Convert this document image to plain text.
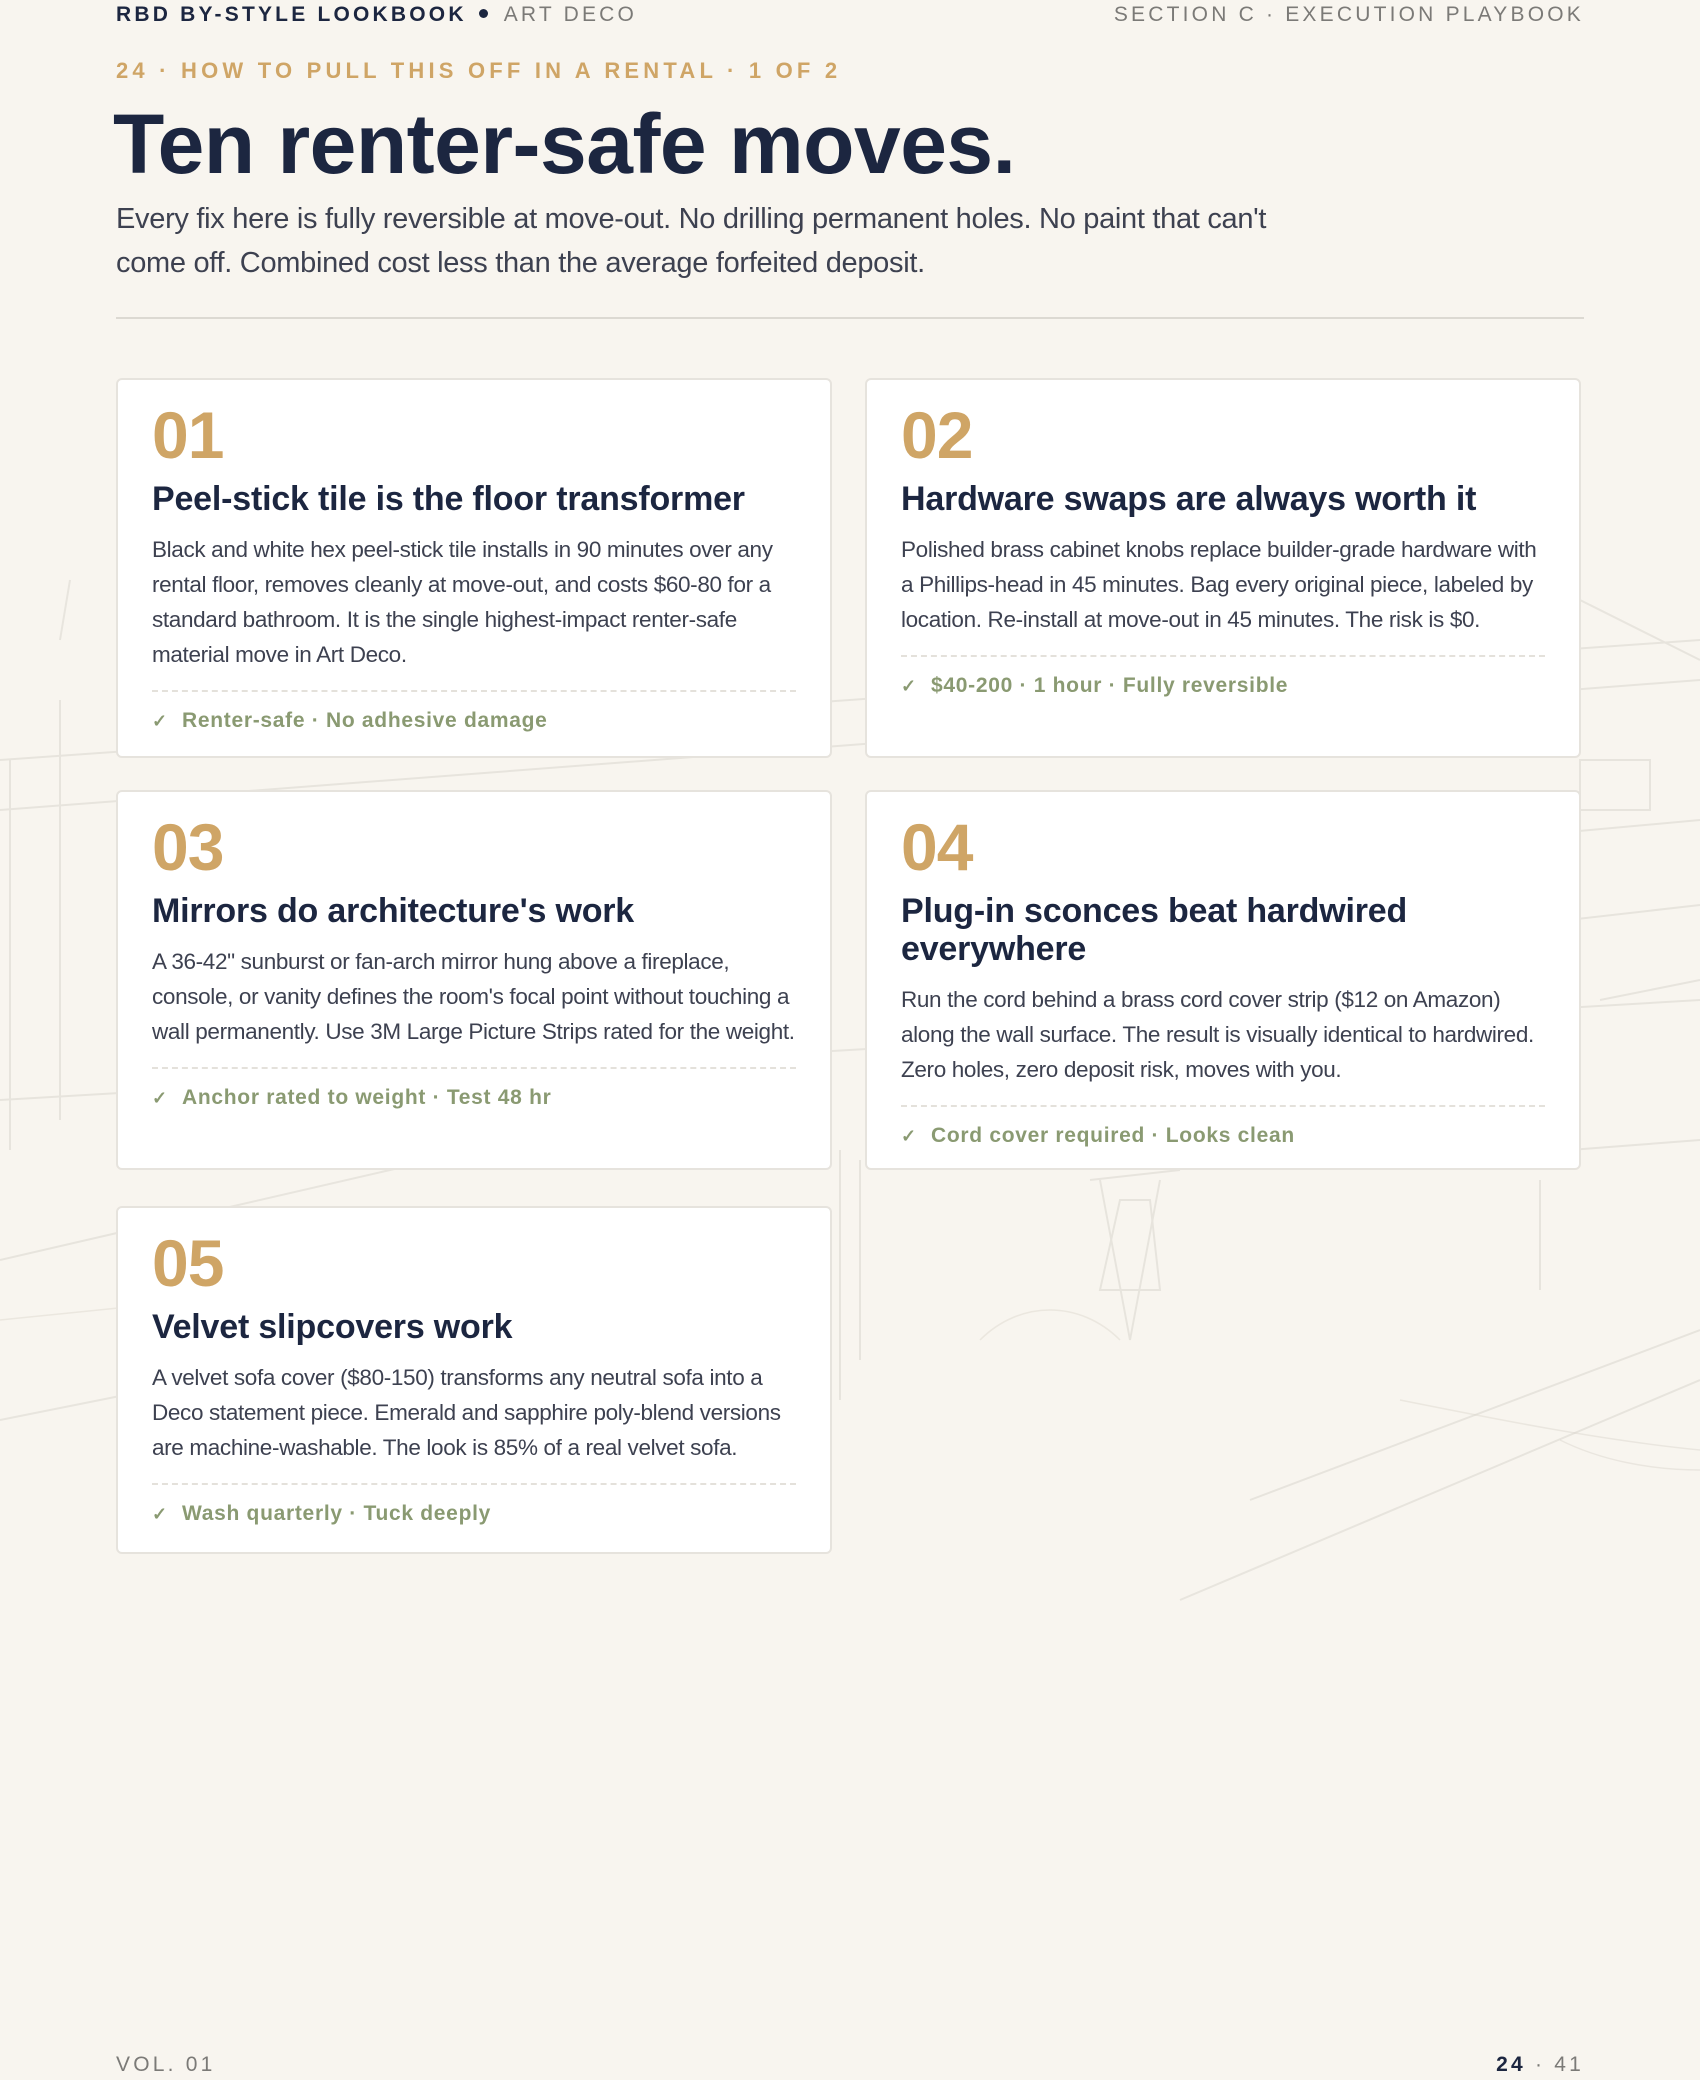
RBD BY-STYLE LOOKBOOK ART DECO	SECTION C · EXECUTION PLAYBOOK
24 · HOW TO PULL THIS OFF IN A RENTAL · 1 OF 2
Ten renter-safe moves.

Every fix here is fully reversible at move-out. No drilling permanent holes. No paint that can't come off. Combined cost less than the average forfeited deposit.

01
Peel-stick tile is the floor transformer

Black and white hex peel-stick tile installs in 90 minutes over any rental floor, removes cleanly at move-out, and costs $60-80 for a standard bathroom. It is the single highest-impact renter-safe material move in Art Deco.

✓ Renter-safe · No adhesive damage
02
Hardware swaps are always worth it

Polished brass cabinet knobs replace builder-grade hardware with a Phillips-head in 45 minutes. Bag every original piece, labeled by location. Re-install at move-out in 45 minutes. The risk is $0.

✓ $40-200 · 1 hour · Fully reversible
03
Mirrors do architecture's work

A 36-42" sunburst or fan-arch mirror hung above a fireplace, console, or vanity defines the room's focal point without touching a wall permanently. Use 3M Large Picture Strips rated for the weight.

✓ Anchor rated to weight · Test 48 hr
04
Plug-in sconces beat hardwired everywhere

Run the cord behind a brass cord cover strip ($12 on Amazon) along the wall surface. The result is visually identical to hardwired. Zero holes, zero deposit risk, moves with you.

✓ Cord cover required · Looks clean
05
Velvet slipcovers work

A velvet sofa cover ($80-150) transforms any neutral sofa into a Deco statement piece. Emerald and sapphire poly-blend versions are machine-washable. The look is 85% of a real velvet sofa.

✓ Wash quarterly · Tuck deeply
VOL. 01	24 · 41
